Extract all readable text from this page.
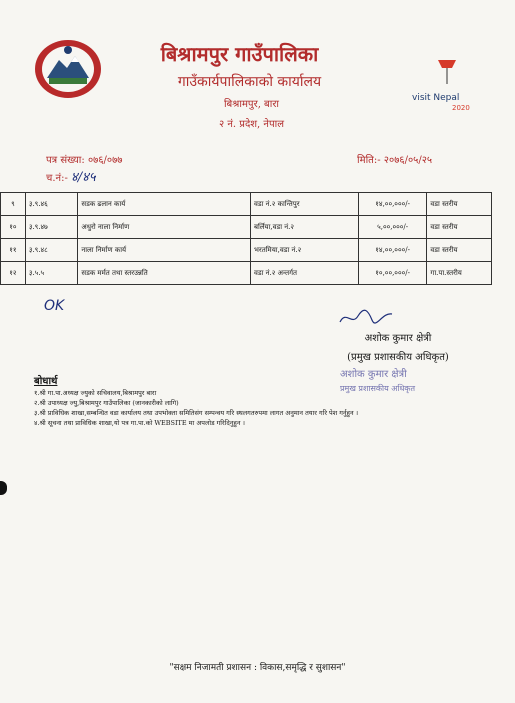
बिश्रामपुर गाउँपालिका
गाउँकार्यपालिकाको कार्यालय
बिश्रामपुर, बारा
२ नं. प्रदेश, नेपाल
visit Nepal
2020
पत्र संख्या: ०७६/०७७
च.नं:- ४/४५
मिति:- २०७६/०५/२५
९	३.९.४६	सडक ढलान कार्य	वडा नं.२ कान्तिपुर	१४,००,०००/-	वडा स्तरीय
१०	३.९.४७	अधुरो नाला निर्माण	बर्लिया,वडा नं.२	५,००,०००/-	वडा स्तरीय
११	३.९.४८	नाला निर्माण कार्य	भरतमिया,वडा नं.२	१४,००,०००/-	वडा स्तरीय
१२	३.५.५	सडक मर्मत तथा स्तरउन्नति	वडा नं.२ अन्तर्गत	१०,००,०००/-	गा.पा.स्तरीय
OK
अशोक कुमार क्षेत्री
(प्रमुख प्रशासकीय अधिकृत)
अशोक कुमार क्षेत्री
प्रमुख प्रशासकीय अधिकृत
बोधार्थ
१.श्री गा.पा.अध्यक्ष ज्युको सचिवालय,बिश्रामपुर बारा
२.श्री उपाध्यक्ष ज्यु,बिश्रामपुर गाउँपालिका (जानकारीको लागि)
३.श्री प्राविधिक शाखा,सम्बन्धित वडा कार्यालय तथा उपभोक्ता समितिसंग सम्पन्वय गरि स्थलगतरुपमा लागत अनुमान तयार गरि पेश गर्नुहुन ।
४.श्री सूचना तथा प्राविधिक शाखा,यो पत्र गा.पा.को WEBSITE मा अपलोड गरिदिनुहुन ।
"सक्षम निजामती प्रशासन : विकास,समृद्धि र सुशासन"
